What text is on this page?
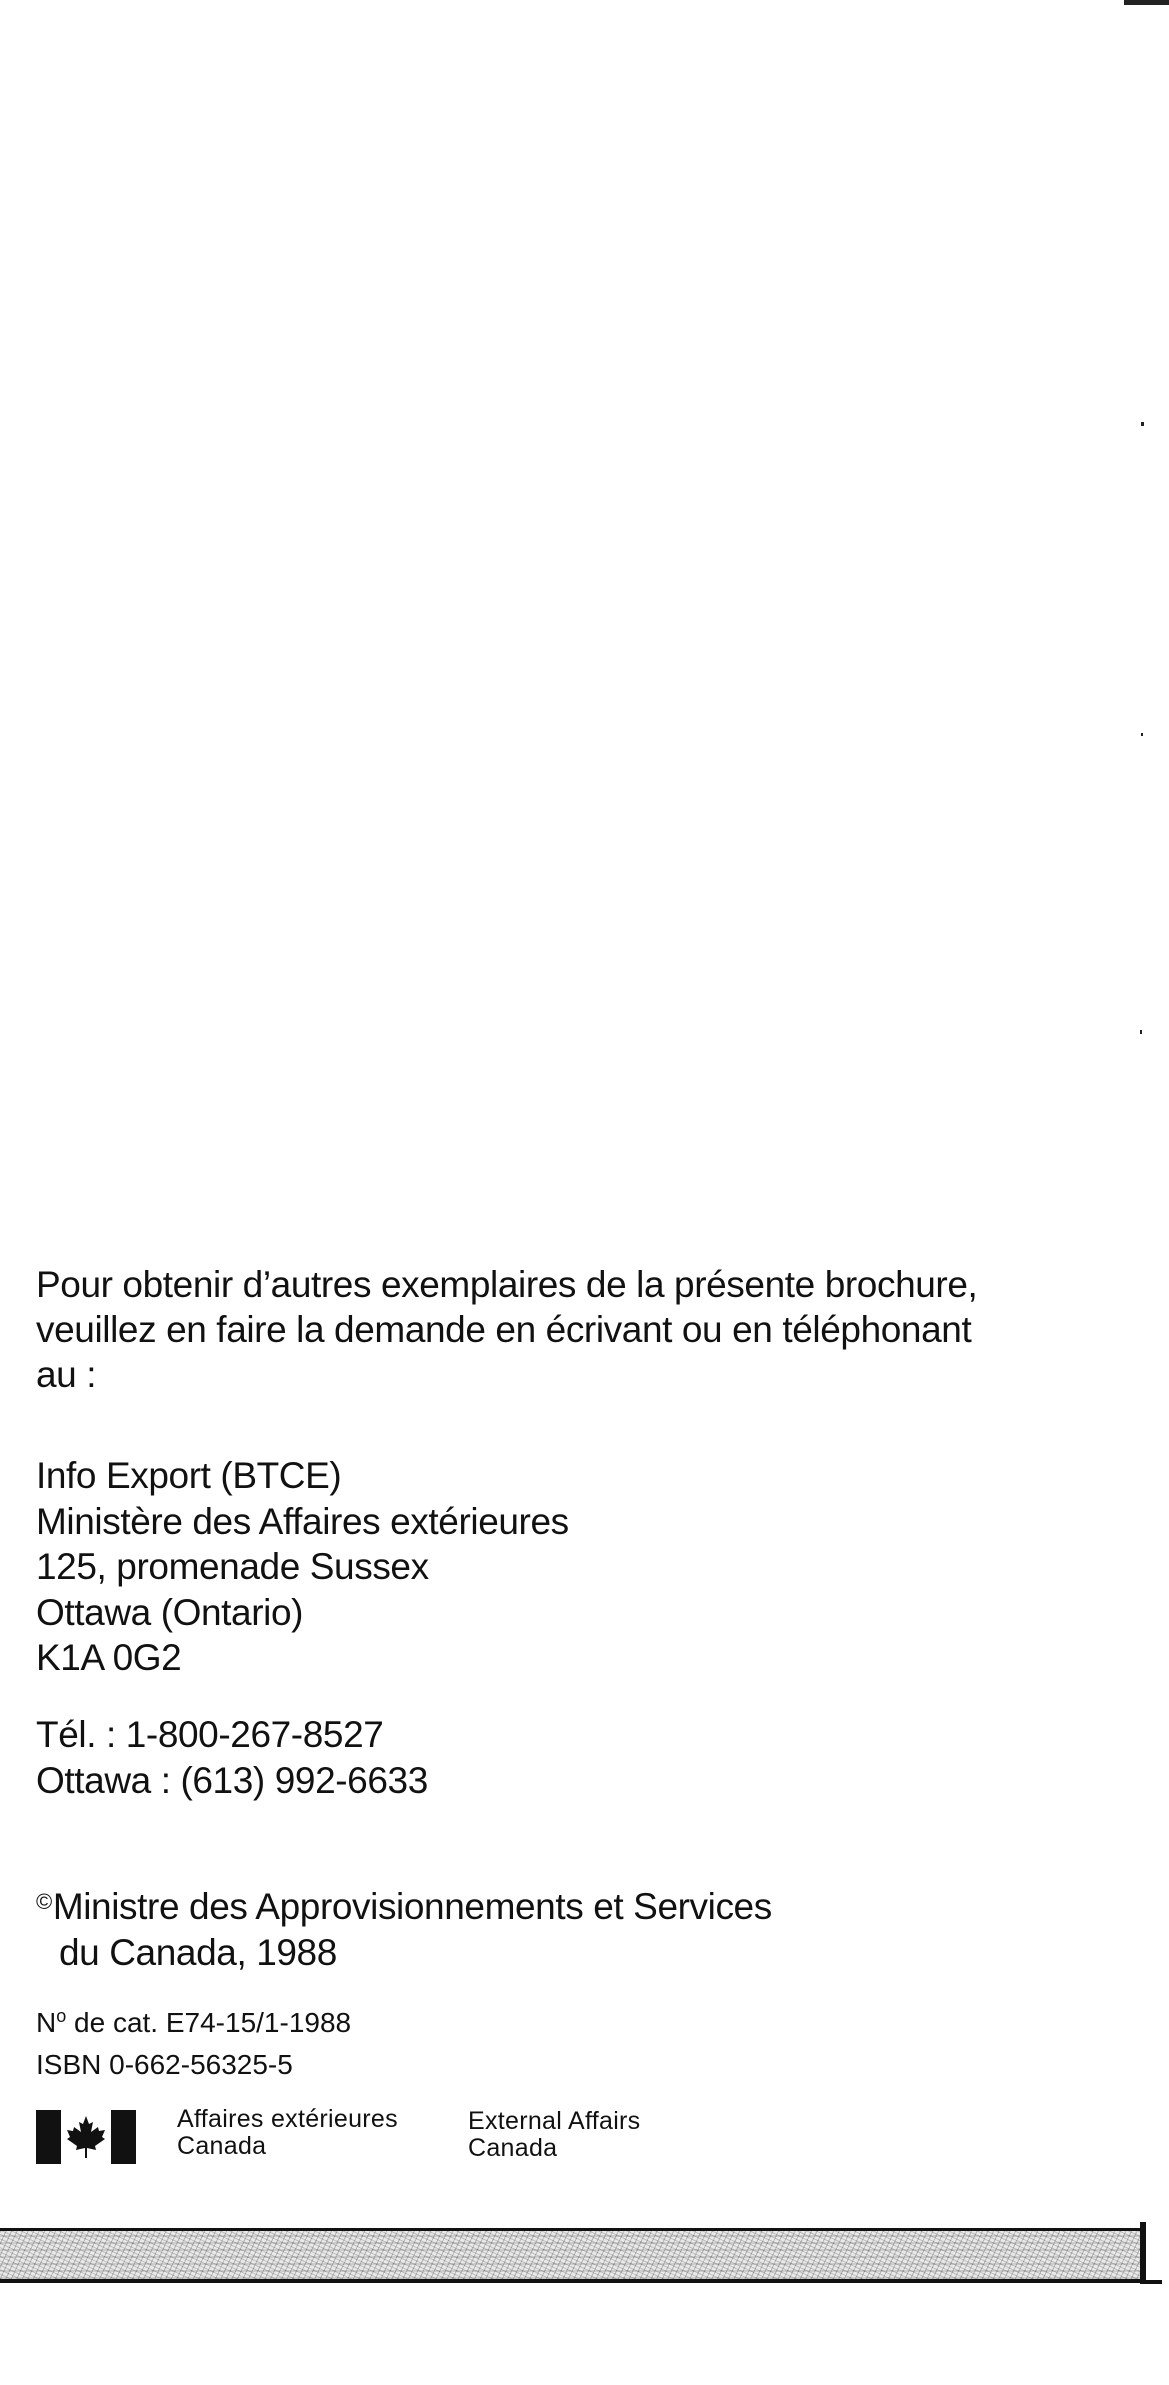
Pour obtenir d’autres exemplaires de la présente brochure,
veuillez en faire la demande en écrivant ou en téléphonant
au :

Info Export (BTCE)
Ministère des Affaires extérieures
125, promenade Sussex
Ottawa (Ontario)
K1A 0G2
Tél. : 1-800-267-8527
Ottawa : (613) 992-6633
©Ministre des Approvisionnements et Services
du Canada, 1988
$N^o$ de cat. E74-15/1-1988
ISBN 0-662-56325-5
Affaires extérieures
Canada
External Affairs
Canada
